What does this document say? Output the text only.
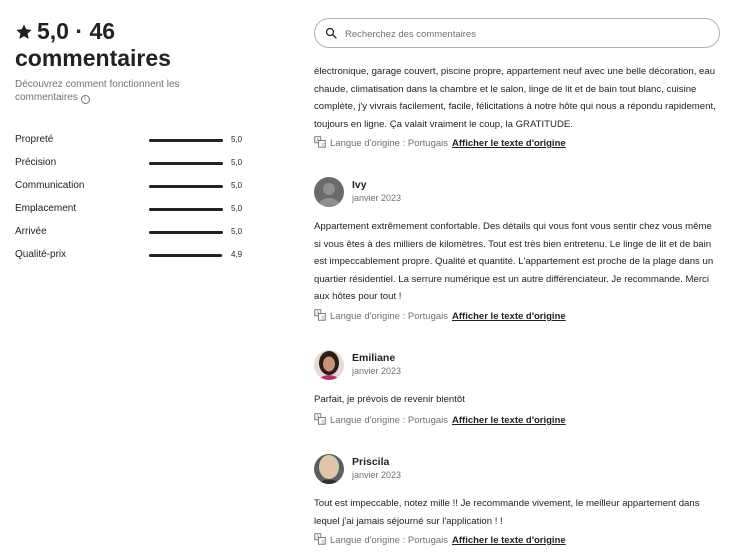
5,0 · 46
commentaires
Découvrez comment fonctionnent les commentaires i
Propreté	5,0
Précision	5,0
Communication	5,0
Emplacement	5,0
Arrivée	5,0
Qualité-prix	4,9
Recherchez des commentaires
électronique, garage couvert, piscine propre, appartement neuf avec une belle décoration, eau chaude, climatisation dans la chambre et le salon, linge de lit et de bain tout blanc, cuisine complète, j'y vivrais facilement, facile, félicitations à notre hôte qui nous a répondu rapidement, toujours en ligne. Ça valait vraiment le coup, la GRATITUDE.
A
文 Langue d'origine : Portugais Afficher le texte d'origine
Ivy
janvier 2023
Appartement extrêmement confortable. Des détails qui vous font vous sentir chez vous même si vous êtes à des milliers de kilomètres. Tout est très bien entretenu. Le linge de lit et de bain est impeccablement propre. Qualité et quantité. L'appartement est proche de la plage dans un quartier résidentiel. La serrure numérique est un autre différenciateur. Je recommande. Merci aux hôtes pour tout !
A
文 Langue d'origine : Portugais Afficher le texte d'origine
Emiliane
janvier 2023
Parfait, je prévois de revenir bientôt
A
文 Langue d'origine : Portugais Afficher le texte d'origine
Priscila
janvier 2023
Tout est impeccable, notez mille !! Je recommande vivement, le meilleur appartement dans lequel j'ai jamais séjourné sur l'application ! !
A
文 Langue d'origine : Portugais Afficher le texte d'origine
